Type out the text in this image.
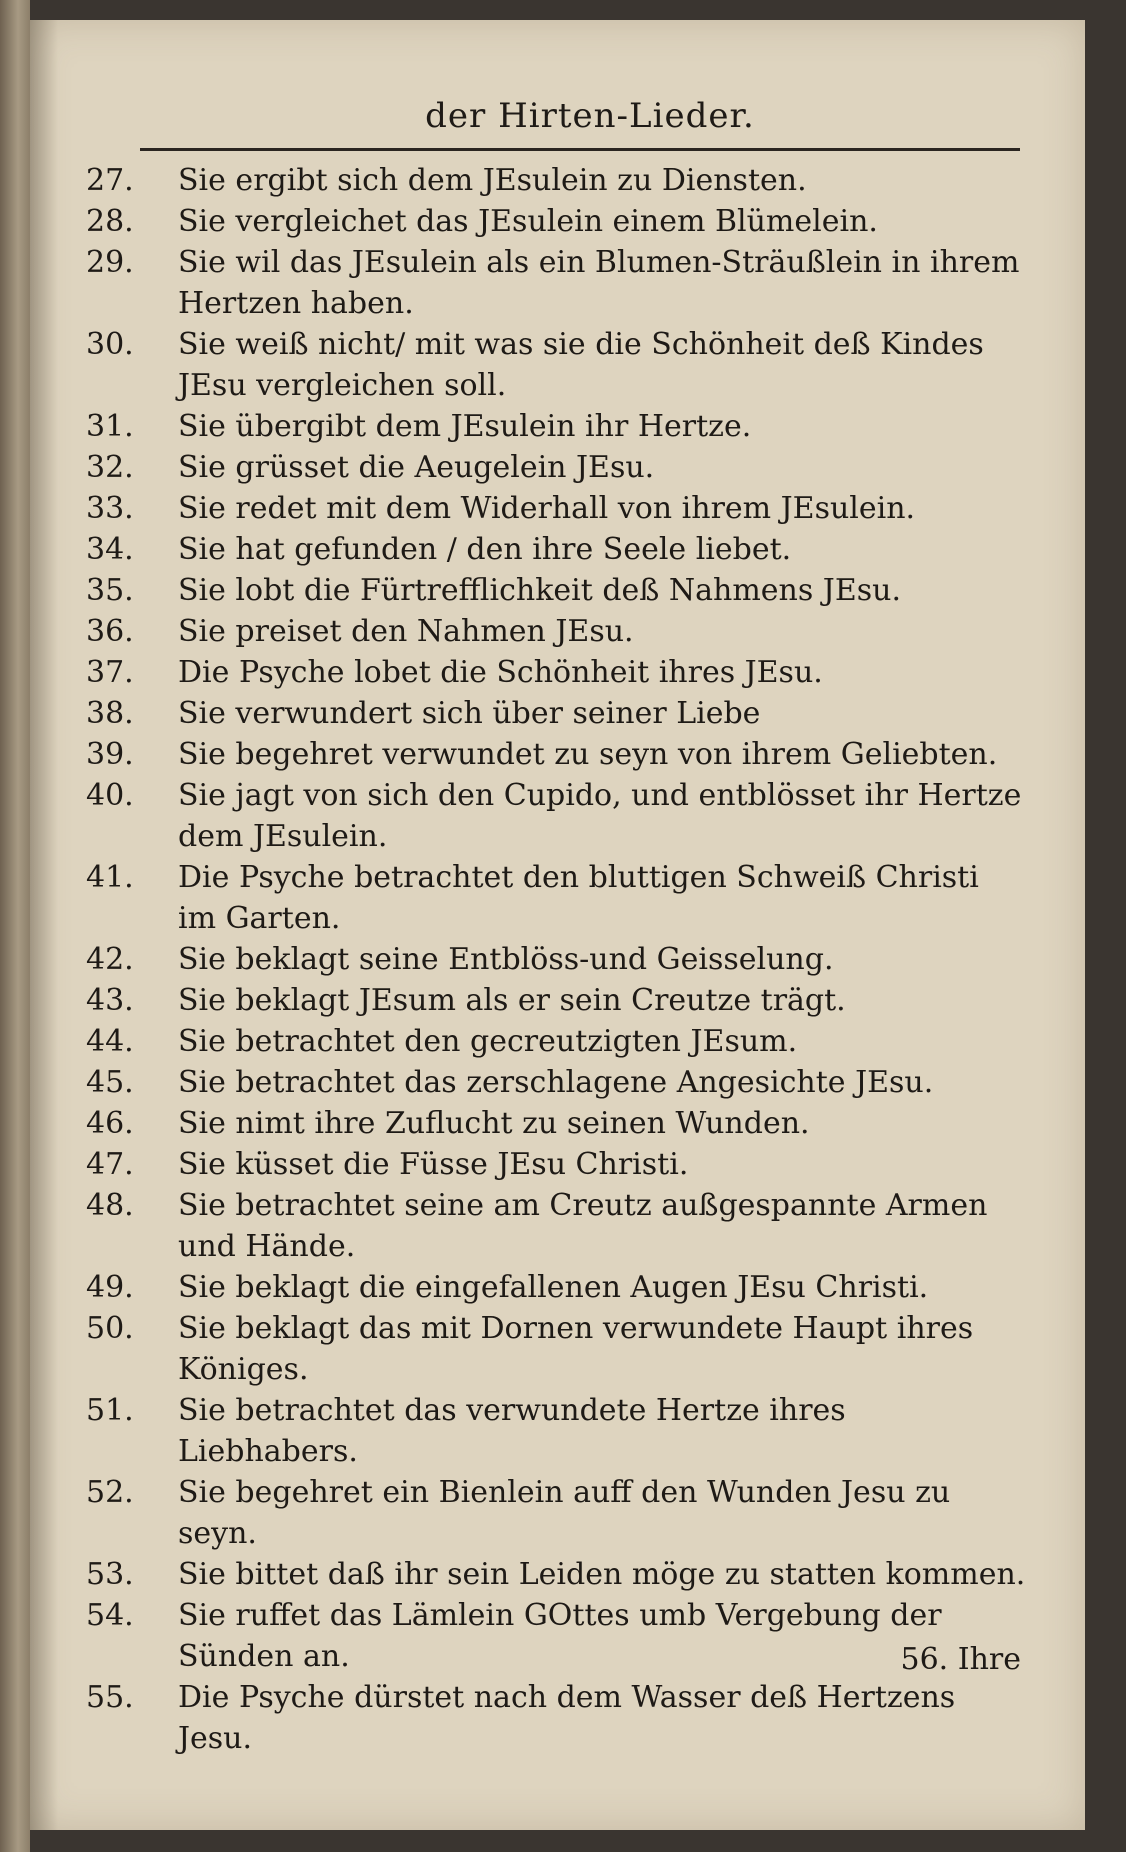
der Hirten-Lieder.
27.	Sie ergibt sich dem JEsulein zu Diensten.
28.	Sie vergleichet das JEsulein einem Blümelein.
29.	Sie wil das JEsulein als ein Blumen-Sträußlein in ihrem Hertzen haben.
30.	Sie weiß nicht/ mit was sie die Schönheit deß Kindes JEsu vergleichen soll.
31.	Sie übergibt dem JEsulein ihr Hertze.
32.	Sie grüsset die Aeugelein JEsu.
33.	Sie redet mit dem Widerhall von ihrem JEsulein.
34.	Sie hat gefunden / den ihre Seele liebet.
35.	Sie lobt die Fürtrefflichkeit deß Nahmens JEsu.
36.	Sie preiset den Nahmen JEsu.
37.	Die Psyche lobet die Schönheit ihres JEsu.
38.	Sie verwundert sich über seiner Liebe
39.	Sie begehret verwundet zu seyn von ihrem Geliebten.
40.	Sie jagt von sich den Cupido, und entblösset ihr Hertze dem JEsulein.
41.	Die Psyche betrachtet den bluttigen Schweiß Christi im Garten.
42.	Sie beklagt seine Entblöss-und Geisselung.
43.	Sie beklagt JEsum als er sein Creutze trägt.
44.	Sie betrachtet den gecreutzigten JEsum.
45.	Sie betrachtet das zerschlagene Angesichte JEsu.
46.	Sie nimt ihre Zuflucht zu seinen Wunden.
47.	Sie küsset die Füsse JEsu Christi.
48.	Sie betrachtet seine am Creutz außgespannte Armen und Hände.
49.	Sie beklagt die eingefallenen Augen JEsu Christi.
50.	Sie beklagt das mit Dornen verwundete Haupt ihres Königes.
51.	Sie betrachtet das verwundete Hertze ihres Liebhabers.
52.	Sie begehret ein Bienlein auff den Wunden Jesu zu seyn.
53.	Sie bittet daß ihr sein Leiden möge zu statten kommen.
54.	Sie ruffet das Lämlein GOttes umb Vergebung der Sünden an.
55.	Die Psyche dürstet nach dem Wasser deß Hertzens Jesu.
56. Ihre
